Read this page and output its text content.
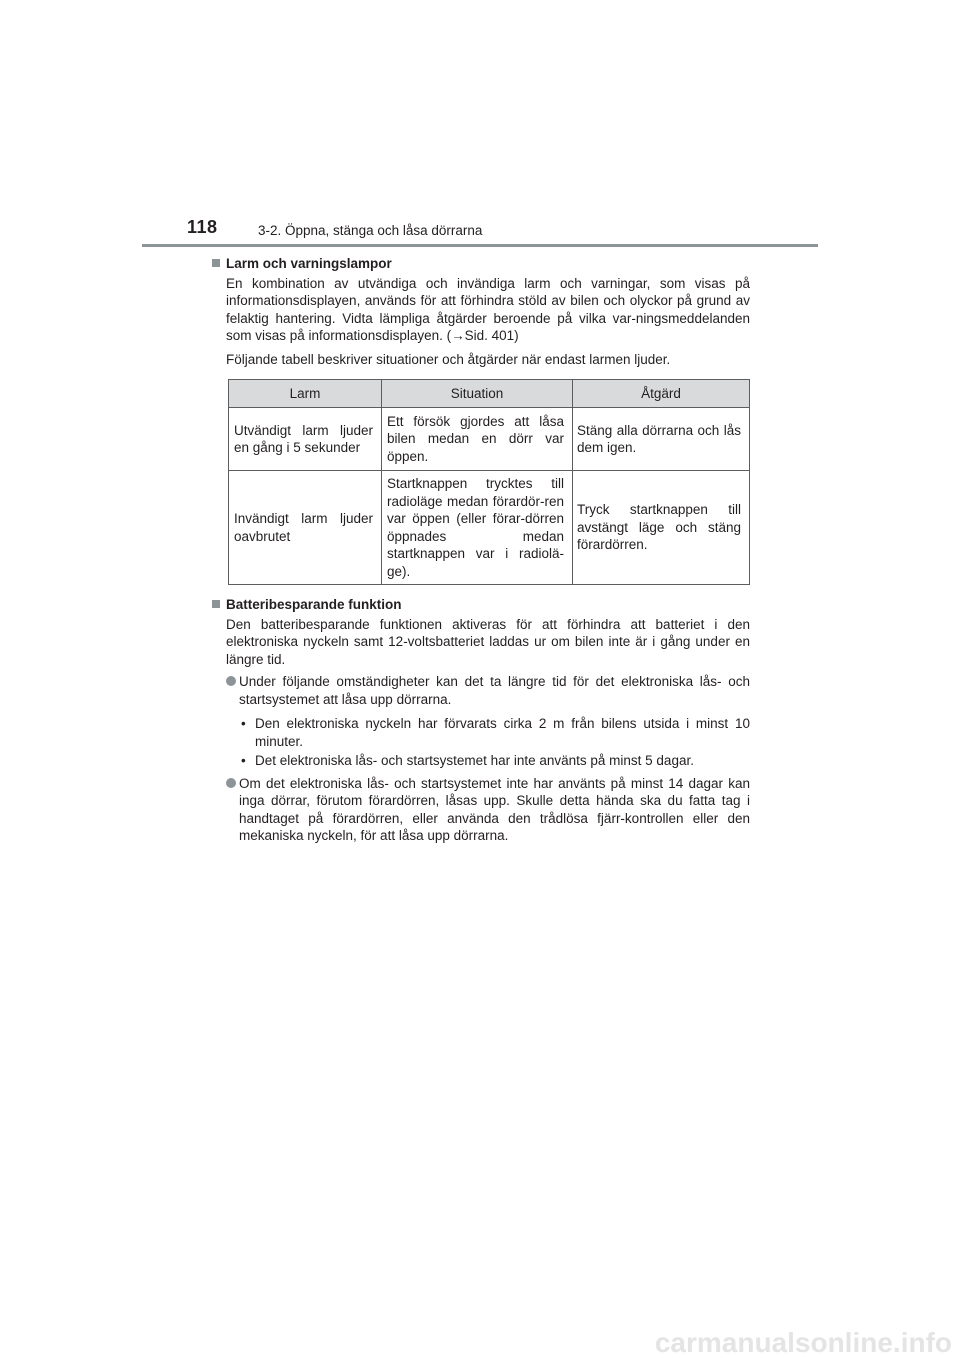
118	3-2. Öppna, stänga och låsa dörrarna
Larm och varningslampor
En kombination av utvändiga och invändiga larm och varningar, som visas på informationsdisplayen, används för att förhindra stöld av bilen och olyckor på grund av felaktig hantering. Vidta lämpliga åtgärder beroende på vilka var-ningsmeddelanden som visas på informationsdisplayen. (→Sid. 401)
Följande tabell beskriver situationer och åtgärder när endast larmen ljuder.
Larm	Situation	Åtgärd
Utvändigt larm ljuder en gång i 5 sekunder	Ett försök gjordes att låsa bilen medan en dörr var öppen.	Stäng alla dörrarna och lås dem igen.
Invändigt larm ljuder oavbrutet	Startknappen trycktes till radioläge medan förardör-ren var öppen (eller förar-dörren öppnades medan startknappen var i radiolä-ge).	Tryck startknappen till avstängt läge och stäng förardörren.
Batteribesparande funktion
Den batteribesparande funktionen aktiveras för att förhindra att batteriet i den elektroniska nyckeln samt 12-voltsbatteriet laddas ur om bilen inte är i gång under en längre tid.
Under följande omständigheter kan det ta längre tid för det elektroniska lås- och startsystemet att låsa upp dörrarna.
• Den elektroniska nyckeln har förvarats cirka 2 m från bilens utsida i minst 10 minuter.
• Det elektroniska lås- och startsystemet har inte använts på minst 5 dagar.
Om det elektroniska lås- och startsystemet inte har använts på minst 14 dagar kan inga dörrar, förutom förardörren, låsas upp. Skulle detta hända ska du fatta tag i handtaget på förardörren, eller använda den trådlösa fjärr-kontrollen eller den mekaniska nyckeln, för att låsa upp dörrarna.
carmanualsonline.info
